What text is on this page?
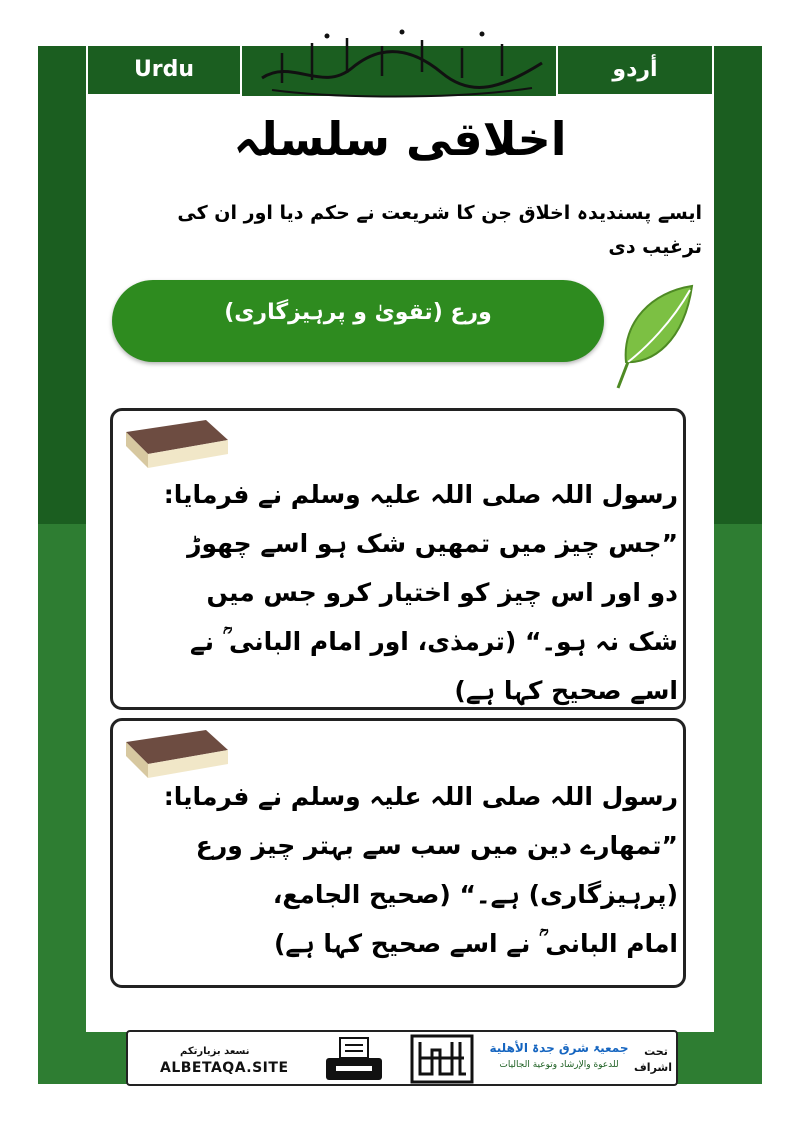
Urdu	أردو
اخلاقی سلسلہ
ایسے پسندیدہ اخلاق جن کا شریعت نے حکم دیا اور ان کی
ترغیب دی
ورع (تقویٰ و پرہیزگاری)
رسول اللہ صلی اللہ علیہ وسلم نے فرمایا:
”جس چیز میں تمھیں شک ہو اسے چھوڑ
دو اور اس چیز کو اختیار کرو جس میں
شک نہ ہو۔“ (ترمذی، اور امام البانی ؒ نے
اسے صحیح کہا ہے)
رسول اللہ صلی اللہ علیہ وسلم نے فرمایا:
”تمھارے دین میں سب سے بہتر چیز ورع
(پرہیزگاری) ہے۔“ (صحیح الجامع،
امام البانی ؒ نے اسے صحیح کہا ہے)
نسعد بزیارتکم
ALBETAQA.SITE
جمعیۃ شرق جدۃ الأهلیة
للدعوة والإرشاد وتوعية الجاليات
تحت اشراف
